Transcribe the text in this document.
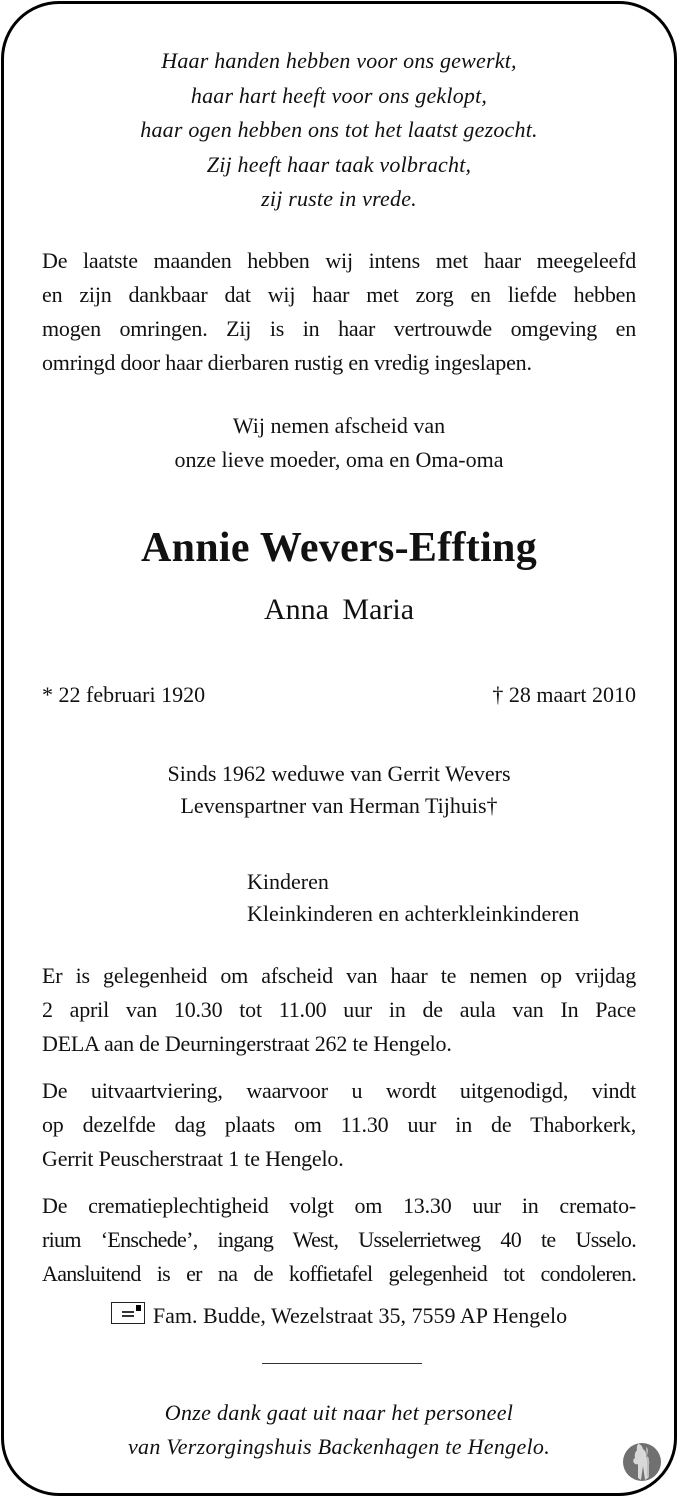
Haar handen hebben voor ons gewerkt,
haar hart heeft voor ons geklopt,
haar ogen hebben ons tot het laatst gezocht.
Zij heeft haar taak volbracht,
zij ruste in vrede.
De laatste maanden hebben wij intens met haar meegeleefd
en zijn dankbaar dat wij haar met zorg en liefde hebben
mogen omringen. Zij is in haar vertrouwde omgeving en
omringd door haar dierbaren rustig en vredig ingeslapen.
Wij nemen afscheid van
onze lieve moeder, oma en Oma-oma
Annie Wevers-Effting
Anna Maria
* 22 februari 1920	† 28 maart 2010
Sinds 1962 weduwe van Gerrit Wevers
Levenspartner van Herman Tijhuis†
Kinderen
Kleinkinderen en achterkleinkinderen
Er is gelegenheid om afscheid van haar te nemen op vrijdag
2 april van 10.30 tot 11.00 uur in de aula van In Pace
DELA aan de Deurningerstraat 262 te Hengelo.
De uitvaartviering, waarvoor u wordt uitgenodigd, vindt
op dezelfde dag plaats om 11.30 uur in de Thaborkerk,
Gerrit Peuscherstraat 1 te Hengelo.
De crematieplechtigheid volgt om 13.30 uur in cremato-
rium ‘Enschede’, ingang West, Usselerrietweg 40 te Usselo.
Aansluitend is er na de koffietafel gelegenheid tot condoleren.
Fam. Budde, Wezelstraat 35, 7559 AP Hengelo
Onze dank gaat uit naar het personeel
van Verzorgingshuis Backenhagen te Hengelo.
